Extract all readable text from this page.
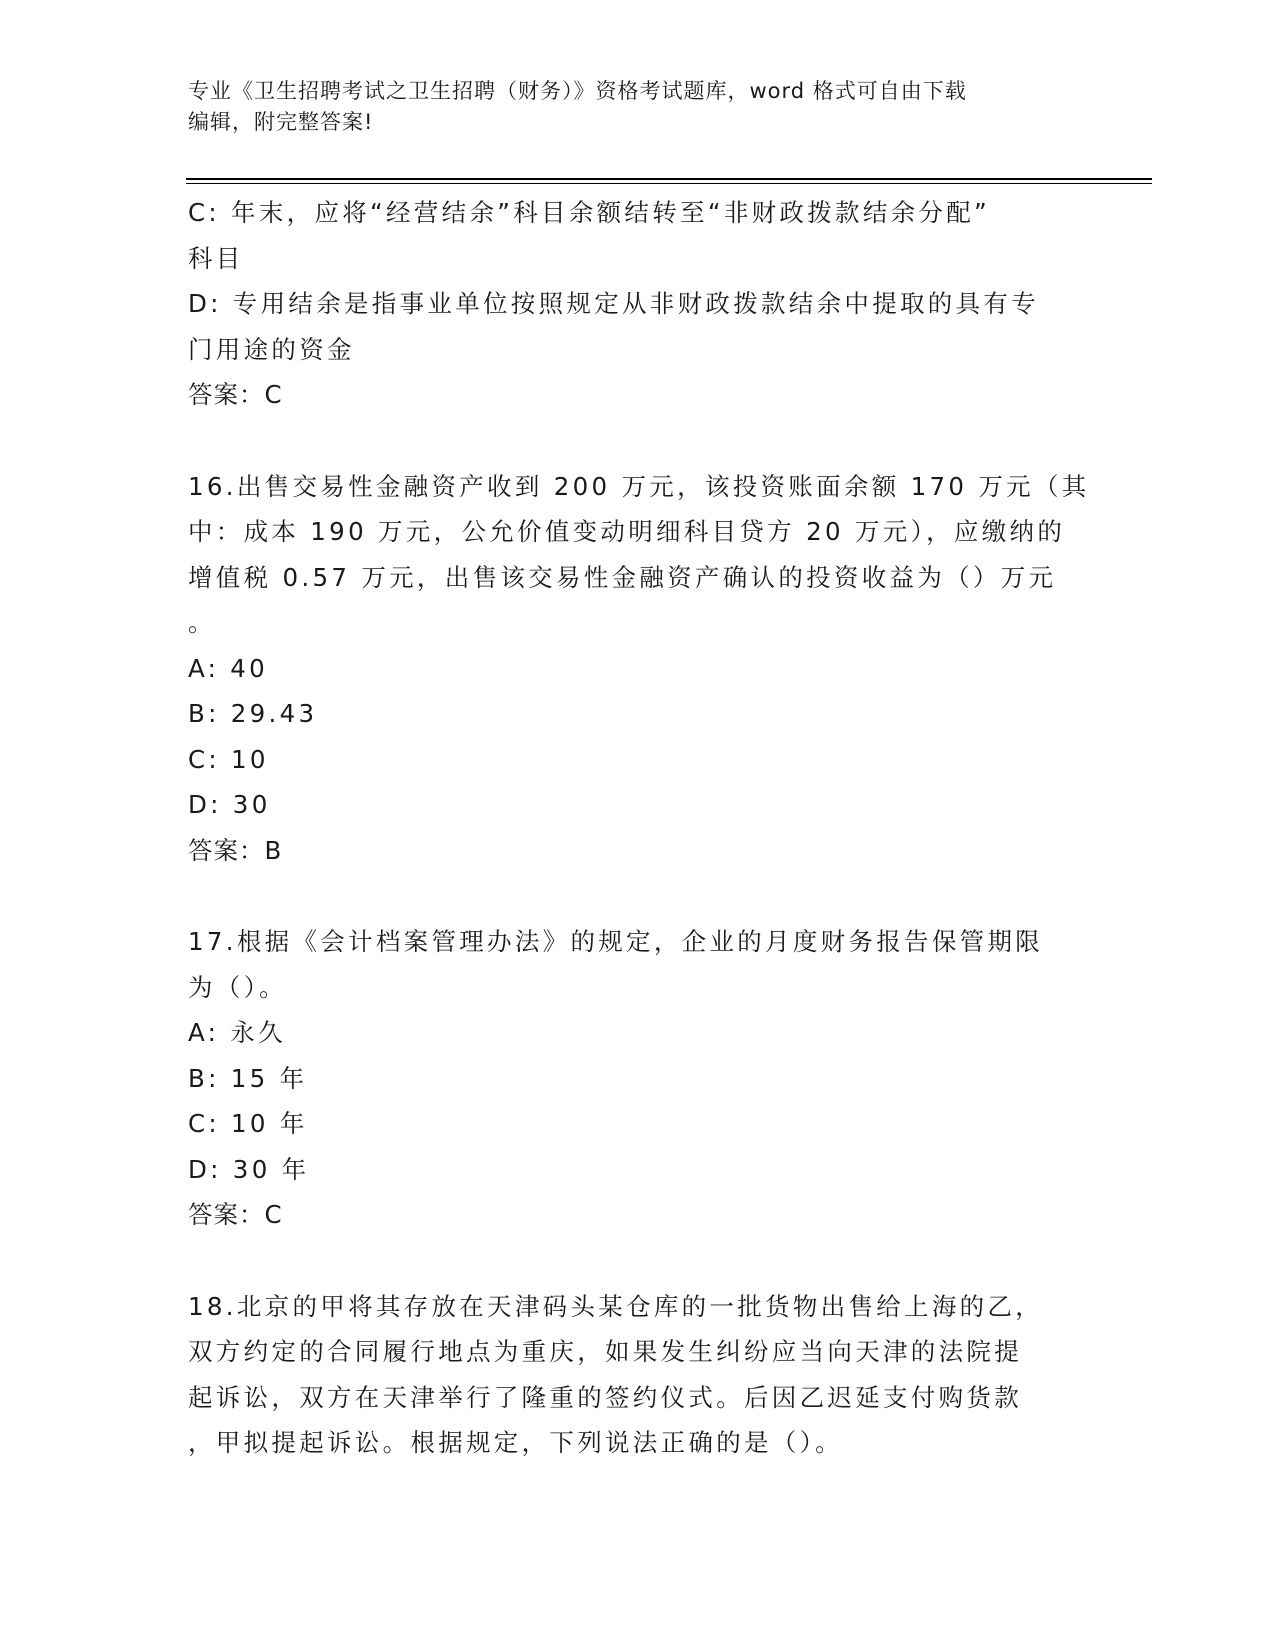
专业《卫生招聘考试之卫生招聘（财务）》资格考试题库，word 格式可自由下载
编辑，附完整答案!
C: 年末，应将“经营结余”科目余额结转至“非财政拨款结余分配”
科目
D: 专用结余是指事业单位按照规定从非财政拨款结余中提取的具有专
门用途的资金
答案：C
16.出售交易性金融资产收到 200 万元，该投资账面余额 170 万元（其
中：成本 190 万元，公允价值变动明细科目贷方 20 万元），应缴纳的
增值税 0.57 万元，出售该交易性金融资产确认的投资收益为（）万元
。
A: 40
B: 29.43
C: 10
D: 30
答案：B
17.根据《会计档案管理办法》的规定，企业的月度财务报告保管期限
为（）。
A: 永久
B: 15 年
C: 10 年
D: 30 年
答案：C
18.北京的甲将其存放在天津码头某仓库的一批货物出售给上海的乙，
双方约定的合同履行地点为重庆，如果发生纠纷应当向天津的法院提
起诉讼，双方在天津举行了隆重的签约仪式。后因乙迟延支付购货款
，甲拟提起诉讼。根据规定，下列说法正确的是（）。
